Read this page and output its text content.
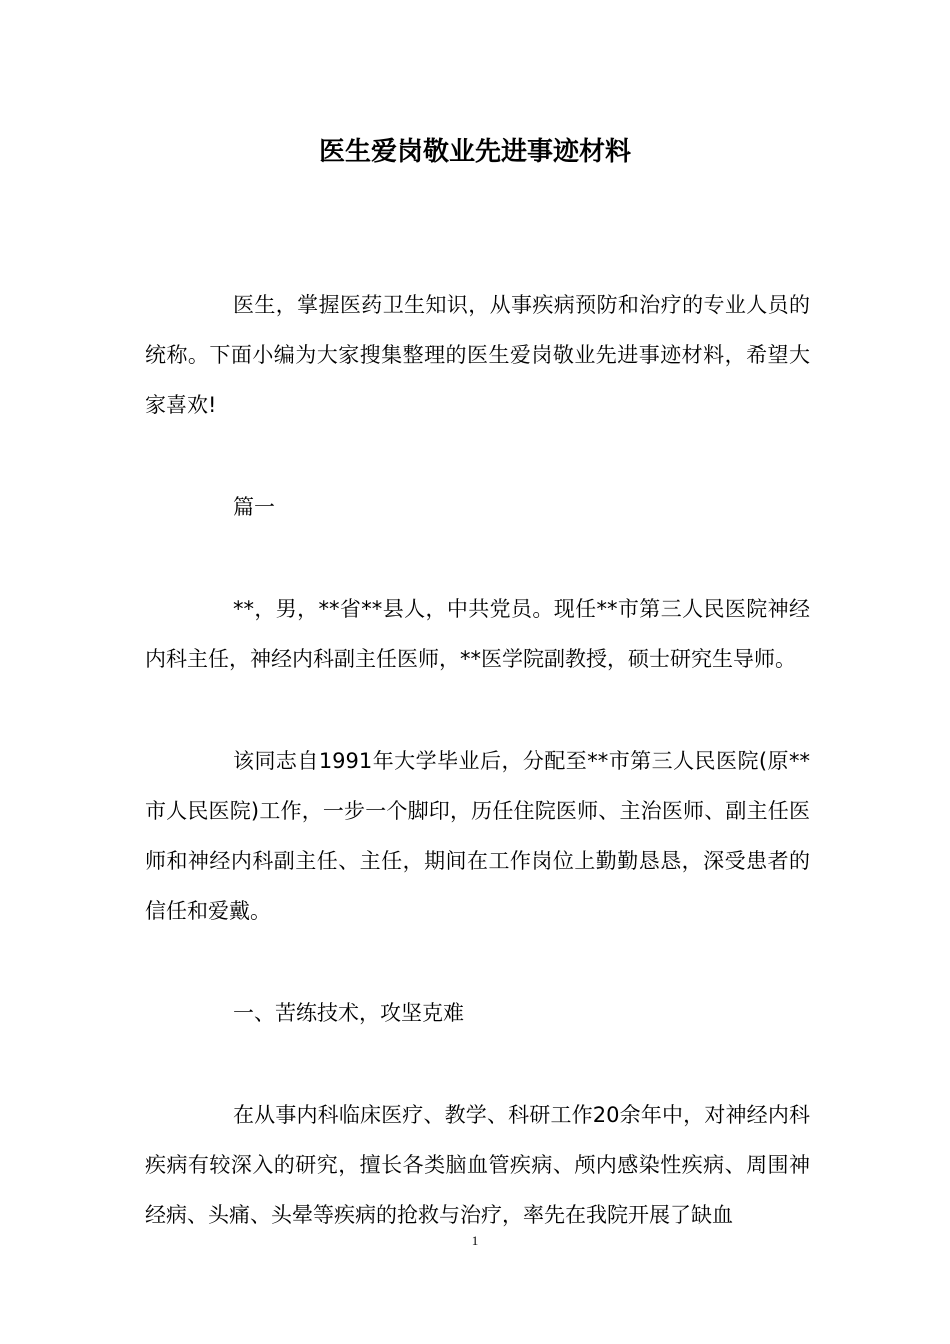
医生爱岗敬业先进事迹材料

医生，掌握医药卫生知识，从事疾病预防和治疗的专业人员的统称。下面小编为大家搜集整理的医生爱岗敬业先进事迹材料，希望大家喜欢!

篇一

**，男，**省**县人，中共党员。现任**市第三人民医院神经内科主任，神经内科副主任医师，**医学院副教授，硕士研究生导师。

该同志自1991年大学毕业后，分配至**市第三人民医院(原**市人民医院)工作，一步一个脚印，历任住院医师、主治医师、副主任医师和神经内科副主任、主任，期间在工作岗位上勤勤恳恳，深受患者的信任和爱戴。

一、苦练技术，攻坚克难

在从事内科临床医疗、教学、科研工作20余年中，对神经内科疾病有较深入的研究，擅长各类脑血管疾病、颅内感染性疾病、周围神经病、头痛、头晕等疾病的抢救与治疗，率先在我院开展了缺血

1
